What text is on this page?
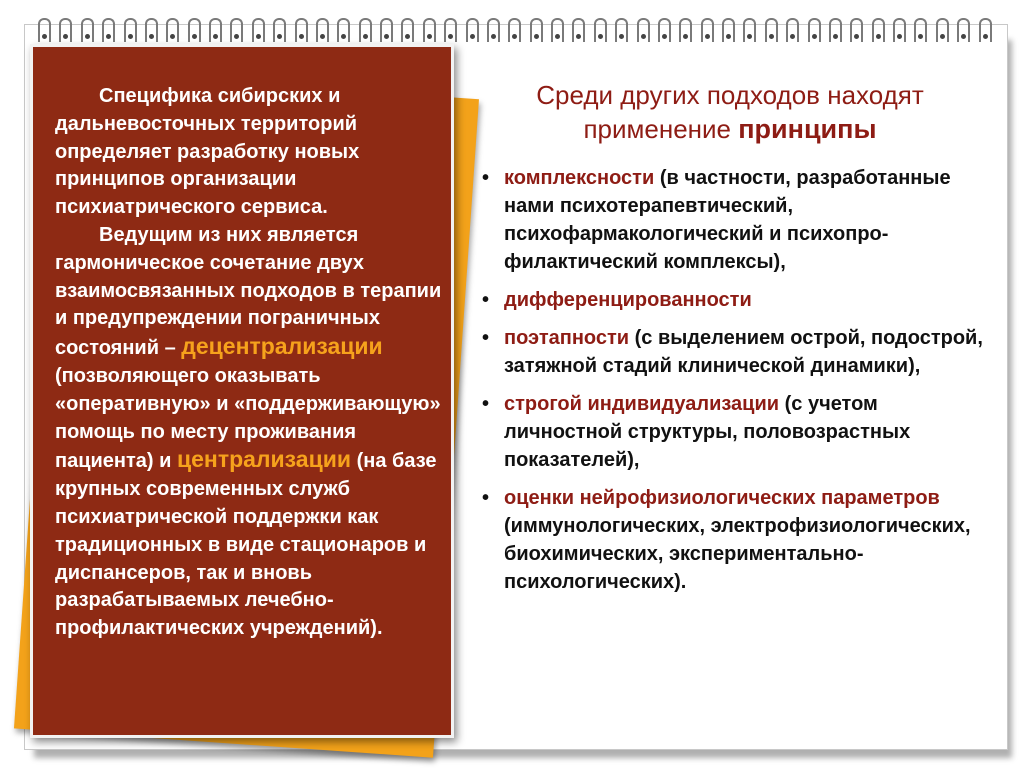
Специфика сибирских и дальневосточных территорий определяет разработку новых принципов организации психиатрического сервиса.

Ведущим из них является гармоническое сочетание двух взаимосвязанных подходов в терапии и предупреждении пограничных состояний – децентрализации (позволяющего оказывать «оперативную» и «поддерживающую» помощь по месту проживания пациента) и централизации (на базе крупных современных служб психиатрической поддержки как традиционных в виде стационаров и диспансеров, так и вновь разрабатываемых лечебно-профилактических учреждений).

Среди других подходов находят
применение принципы
• комплексности (в частности, разработанные нами психотерапевтический, психофармакологический и психопро-филактический комплексы),
• дифференцированности
• поэтапности (с выделением острой, подострой, затяжной стадий клинической динамики),
• строгой индивидуализации (с учетом личностной структуры, половозрастных показателей),
• оценки нейрофизиологических параметров (иммунологических, электрофизиологических, биохимических, экспериментально-психологических).
